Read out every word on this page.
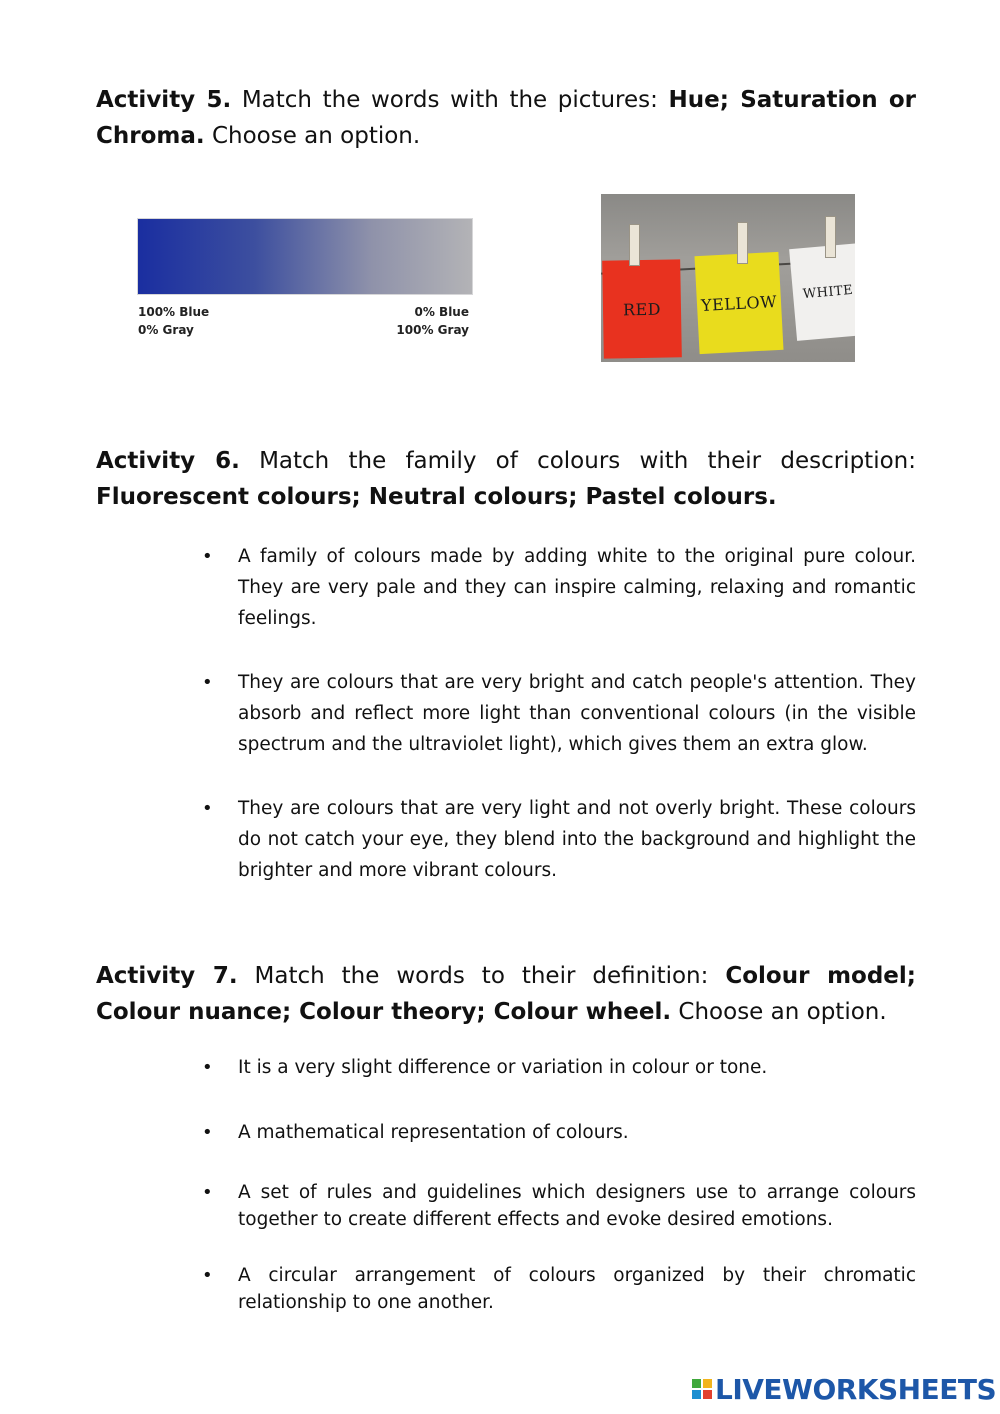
Activity 5. Match the words with the pictures: Hue; Saturation or Chroma. Choose an option.

100% Blue
0% Gray
0% Blue
100% Gray
RED YELLOW WHITE

Activity 6. Match the family of colours with their description: Fluorescent colours; Neutral colours; Pastel colours.

• A family of colours made by adding white to the original pure colour. They are very pale and they can inspire calming, relaxing and romantic feelings.
• They are colours that are very bright and catch people's attention. They absorb and reflect more light than conventional colours (in the visible spectrum and the ultraviolet light), which gives them an extra glow.
• They are colours that are very light and not overly bright. These colours do not catch your eye, they blend into the background and highlight the brighter and more vibrant colours.

Activity 7. Match the words to their definition: Colour model; Colour nuance; Colour theory; Colour wheel. Choose an option.

• It is a very slight difference or variation in colour or tone.
• A mathematical representation of colours.
• A set of rules and guidelines which designers use to arrange colours together to create different effects and evoke desired emotions.
• A circular arrangement of colours organized by their chromatic relationship to one another.
LIVEWORKSHEETS
